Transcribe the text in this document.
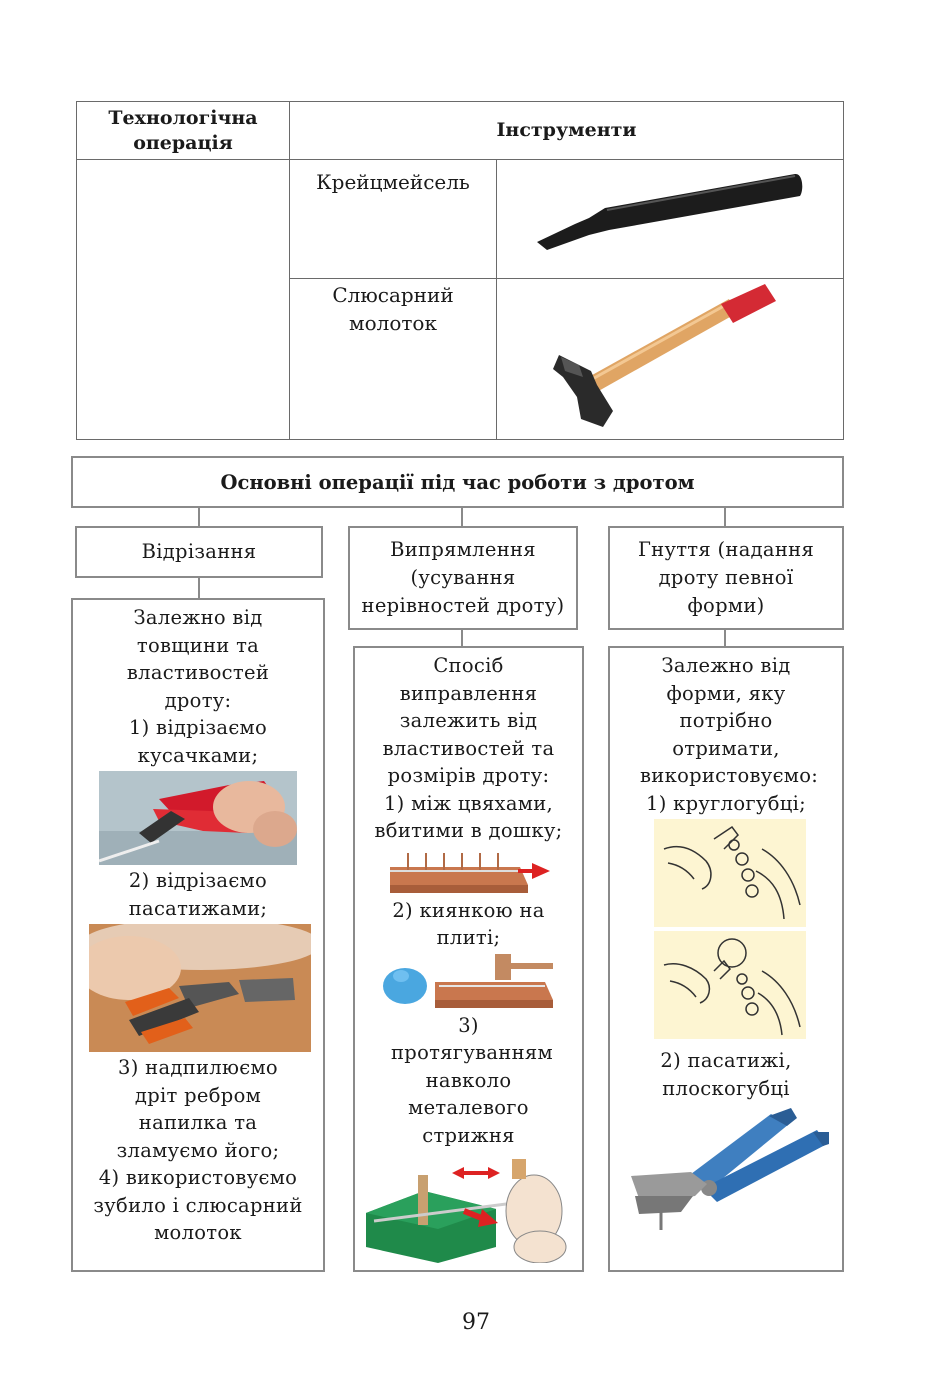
Технологічна операція	Інструменти	
	Крейцмейсель	
	Слюсарний молоток	
Основні операції під час роботи з дротом
Відрізання	Випрямлення (усування нерівностей дроту)
Гнуття (надання дроту певної форми)

Залежно від товщини та властивостей дроту:

1) відрізаємо кусачками;

2) відрізаємо пасатижами;

3) надпилюємо дріт ребром напилка та зламуємо його;

4) використовуємо зубило і слюсарний молоток

Спосіб виправлення залежить від властивостей та розмірів дроту:

1) між цвяхами, вбитими в дошку;

2) киянкою на плиті;

3) протягуванням навколо металевого стрижня

Залежно від форми, яку потрібно отримати, використовуємо:

1) круглогубці;

2) пасатижі, плоскогубці

97
